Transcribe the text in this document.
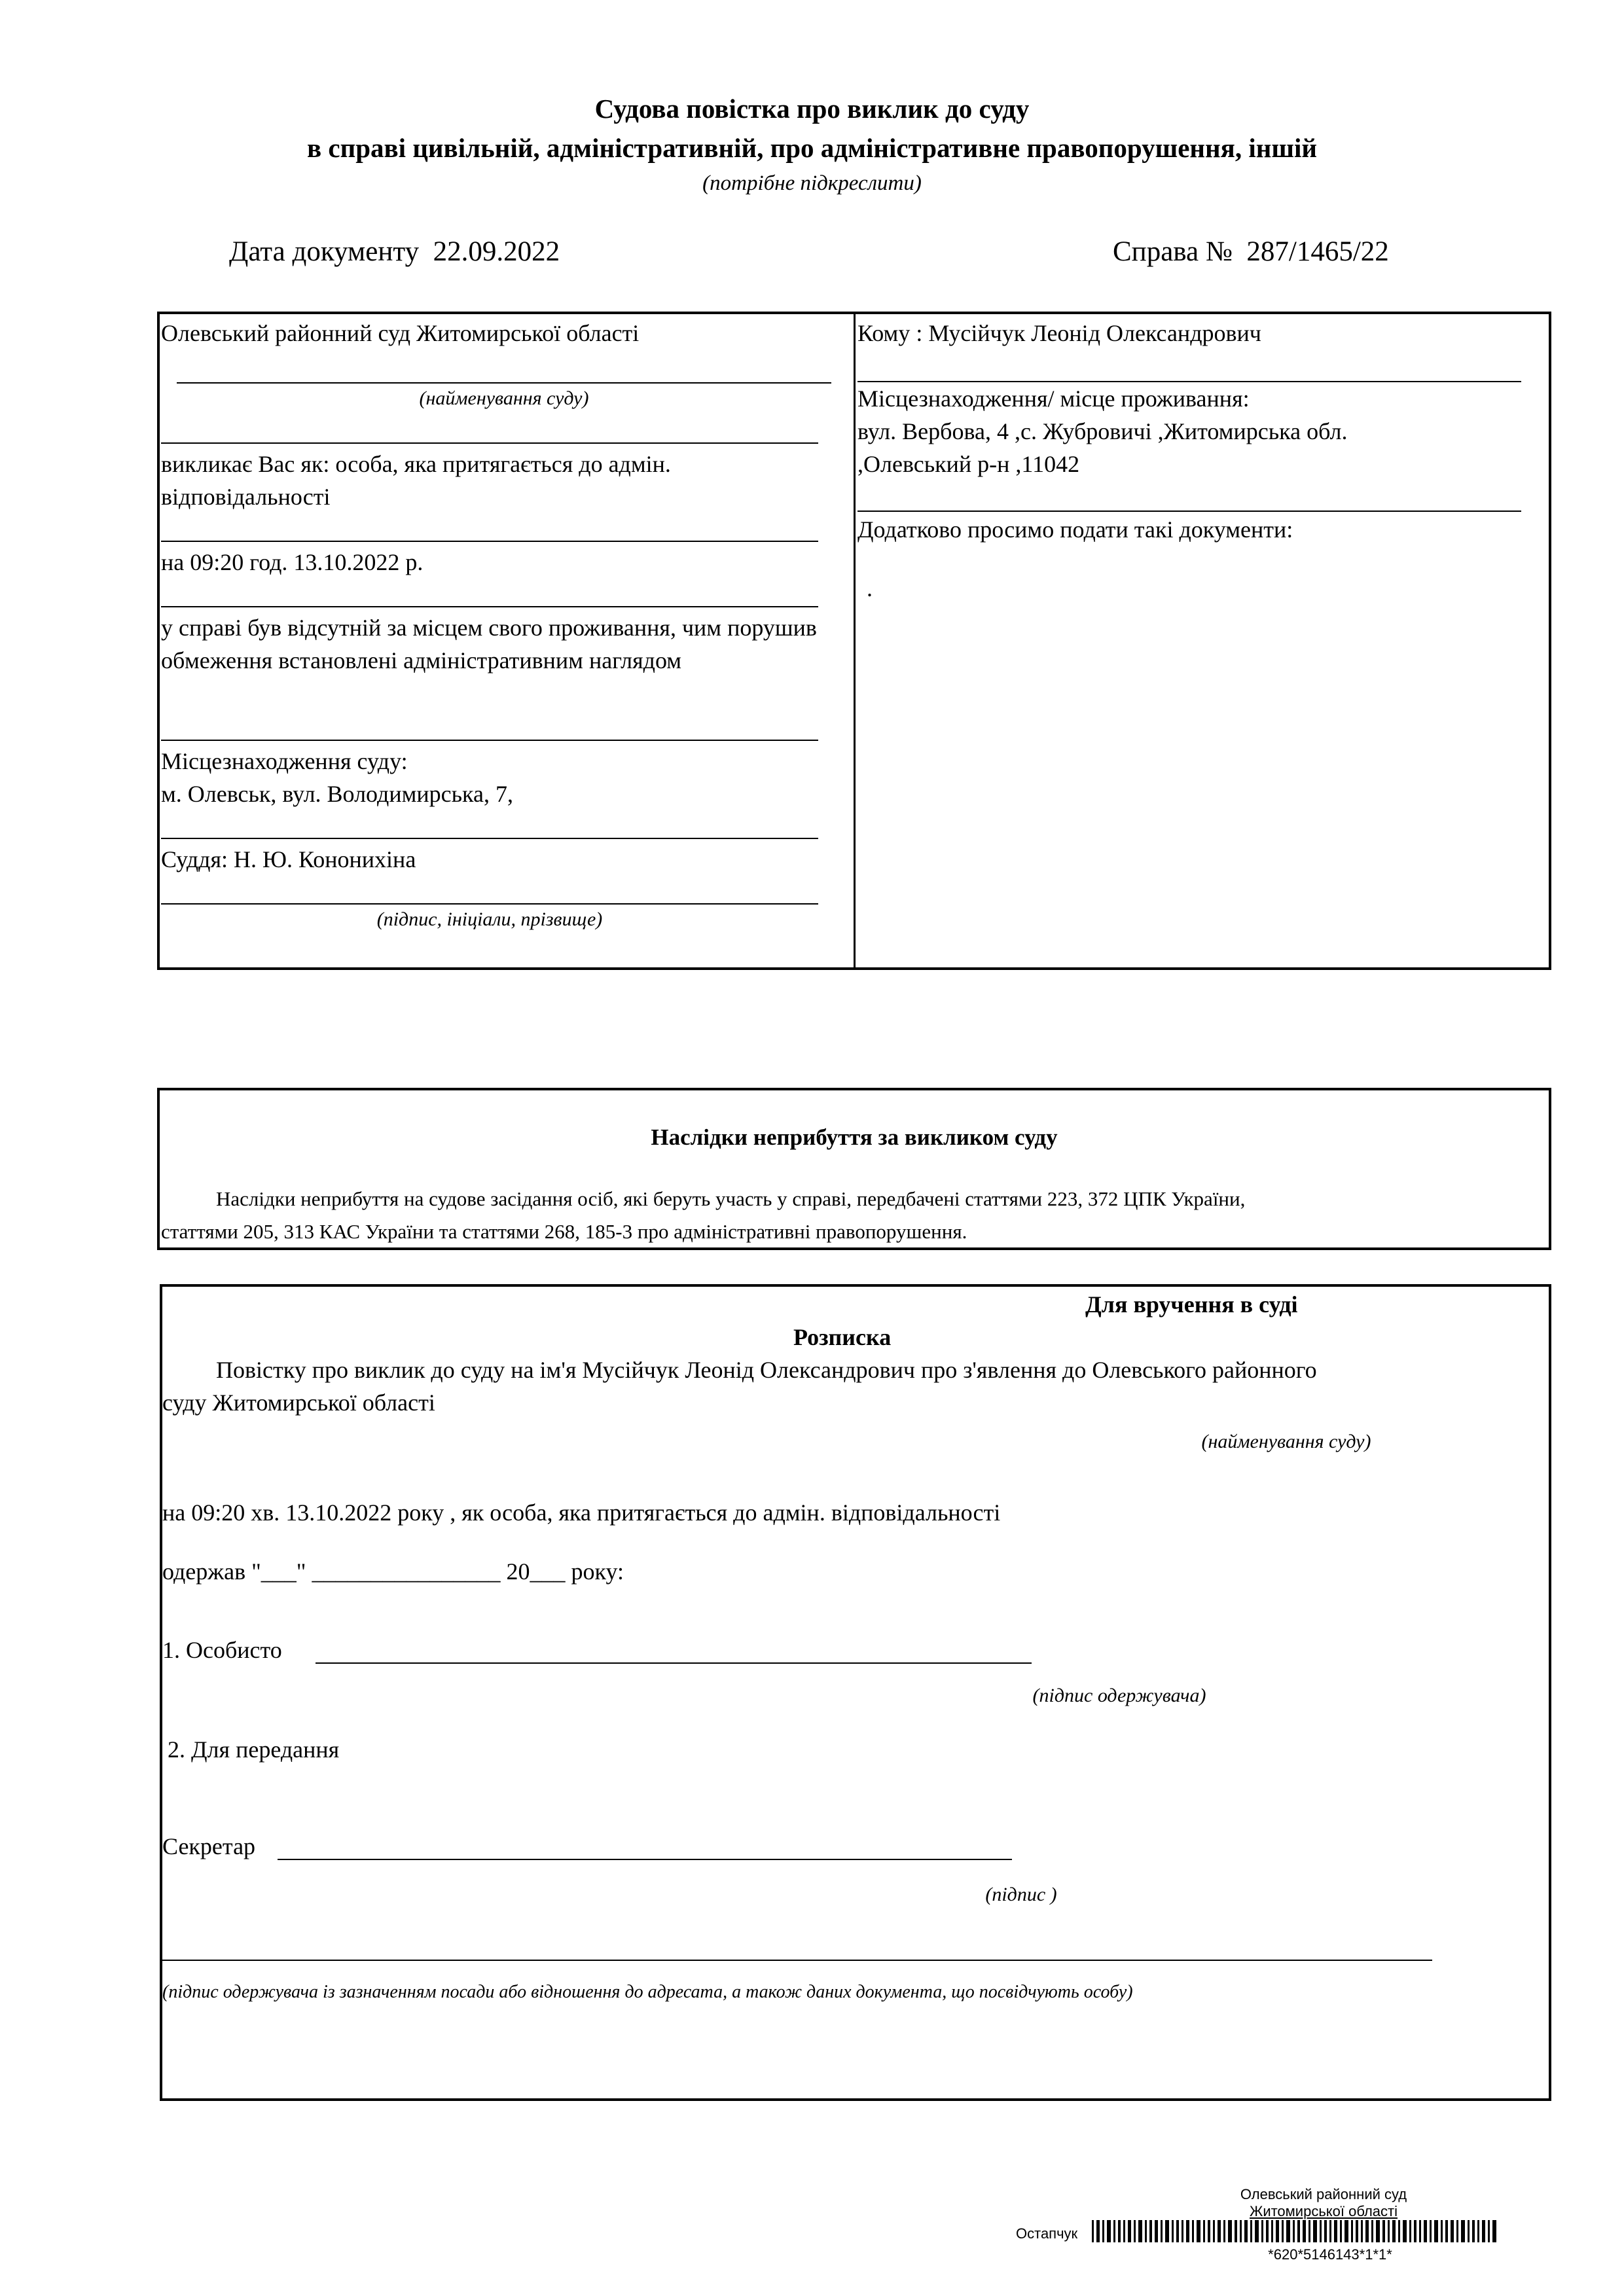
Судова повістка про виклик до суду
в справі цивільній, адміністративній, про адміністративне правопорушення, іншій
(потрібне підкреслити)
Дата документу 22.09.2022	Справа № 287/1465/22
Олевський районний суд Житомирської області
(найменування суду)
викликає Вас як: особа, яка притягається до адмін. відповідальності
на 09:20 год. 13.10.2022 р.
у справі був відсутній за місцем свого проживання, чим порушив обмеження встановлені адміністративним наглядом
Місцезнаходження суду:
м. Олевськ, вул. Володимирська, 7,
Суддя: Н. Ю. Кононихіна
(підпис, ініціали, прізвище)
Кому : Мусійчук Леонід Олександрович
Місцезнаходження/ місце проживання:
вул. Вербова, 4 ,с. Жубровичі ,Житомирська обл.
,Олевський р-н ,11042
Додатково просимо подати такі документи:
.
Наслідки неприбуття за викликом суду
Наслідки неприбуття на судове засідання осіб, які беруть участь у справі, передбачені статтями 223, 372 ЦПК України,
статтями 205, 313 КАС України та статтями 268, 185-3 про адміністративні правопорушення.
Для вручення в суді
Розписка
Повістку про виклик до суду на ім'я Мусійчук Леонід Олександрович про з'явлення до Олевського районного
суду Житомирської області
(найменування суду)
на 09:20 хв. 13.10.2022 року , як особа, яка притягається до адмін. відповідальності
одержав "___" ________________ 20___ року:
1. Особисто
(підпис одержувача)
2. Для передання
Секретар
(підпис )
(підпис одержувача із зазначенням посади або відношення до адресата, а також даних документа, що посвідчують особу)
Олевський районний суд
Житомирської області
Остапчук
*620*5146143*1*1*
